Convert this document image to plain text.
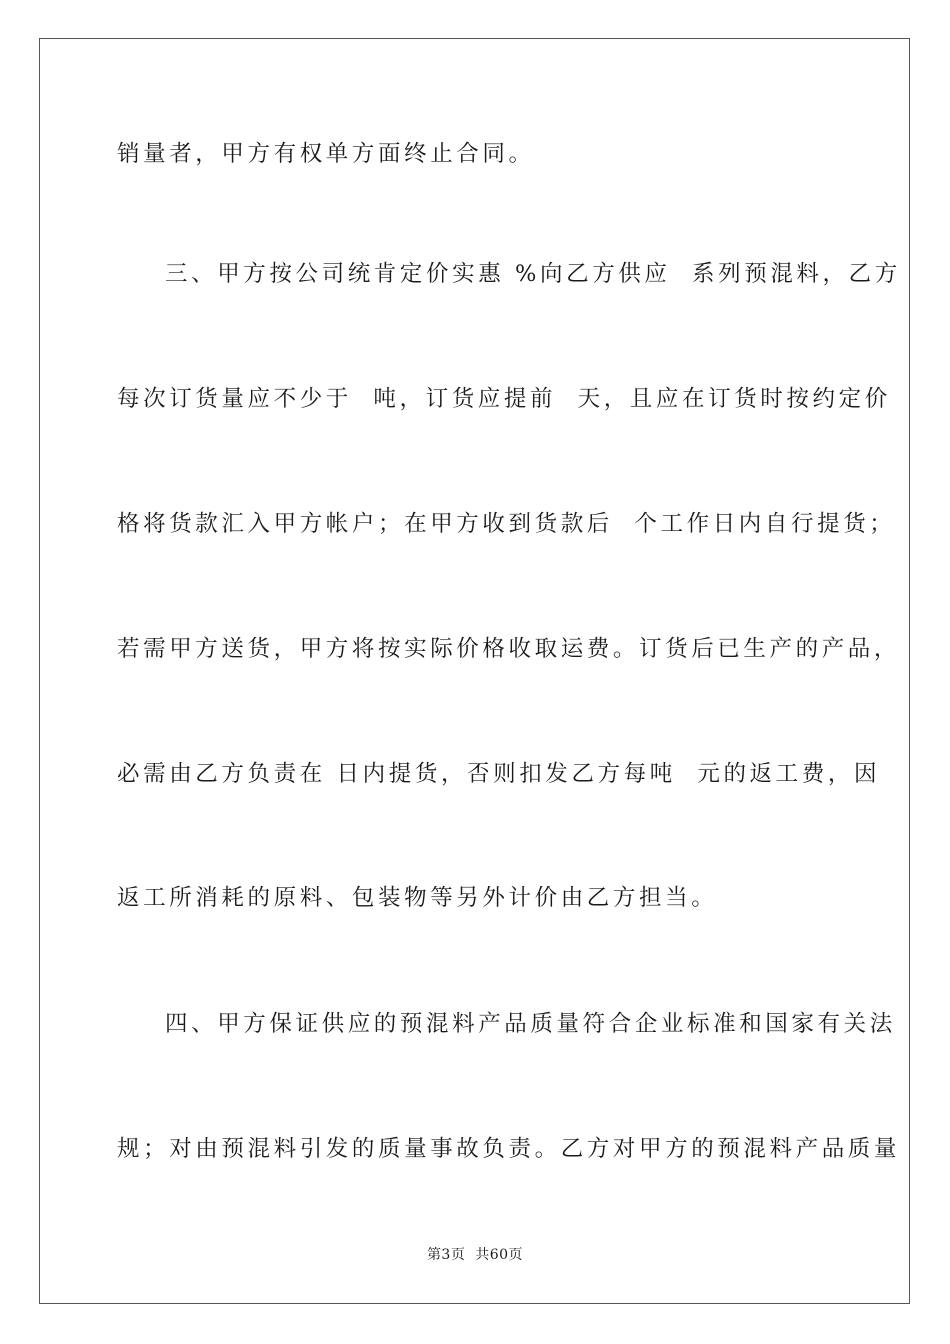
销量者，甲方有权单方面终止合同。
三、甲方按公司统肯定价实惠 %向乙方供应  系列预混料，乙方
每次订货量应不少于  吨，订货应提前  天，且应在订货时按约定价
格将货款汇入甲方帐户；在甲方收到货款后  个工作日内自行提货；
若需甲方送货，甲方将按实际价格收取运费。订货后已生产的产品，
必需由乙方负责在 日内提货，否则扣发乙方每吨  元的返工费，因
返工所消耗的原料、包装物等另外计价由乙方担当。
四、甲方保证供应的预混料产品质量符合企业标准和国家有关法
规；对由预混料引发的质量事故负责。乙方对甲方的预混料产品质量
第3页  共60页
